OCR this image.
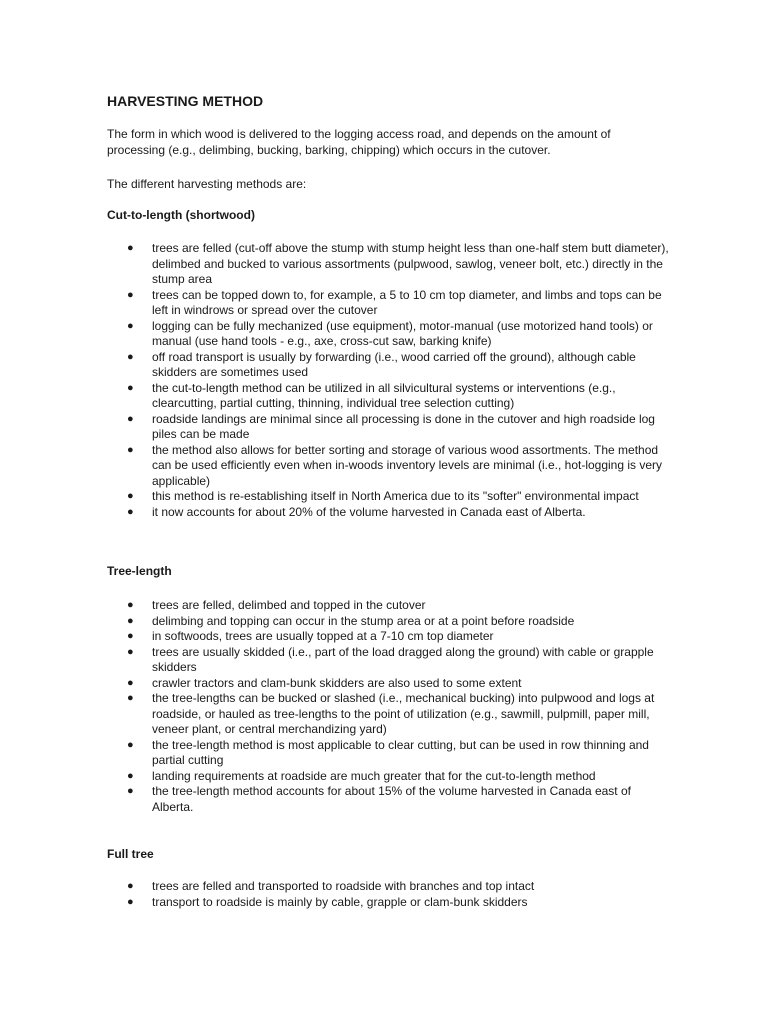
HARVESTING METHOD

The form in which wood is delivered to the logging access road, and depends on the amount of processing (e.g., delimbing, bucking, barking, chipping) which occurs in the cutover.

The different harvesting methods are:

Cut-to-length (shortwood)
● trees are felled (cut-off above the stump with stump height less than one-half stem butt diameter), delimbed and bucked to various assortments (pulpwood, sawlog, veneer bolt, etc.) directly in the stump area
● trees can be topped down to, for example, a 5 to 10 cm top diameter, and limbs and tops can be left in windrows or spread over the cutover
● logging can be fully mechanized (use equipment), motor-manual (use motorized hand tools) or manual (use hand tools - e.g., axe, cross-cut saw, barking knife)
● off road transport is usually by forwarding (i.e., wood carried off the ground), although cable skidders are sometimes used
● the cut-to-length method can be utilized in all silvicultural systems or interventions (e.g., clearcutting, partial cutting, thinning, individual tree selection cutting)
● roadside landings are minimal since all processing is done in the cutover and high roadside log piles can be made
● the method also allows for better sorting and storage of various wood assortments. The method can be used efficiently even when in-woods inventory levels are minimal (i.e., hot-logging is very applicable)
● this method is re-establishing itself in North America due to its "softer" environmental impact
● it now accounts for about 20% of the volume harvested in Canada east of Alberta.
Tree-length
● trees are felled, delimbed and topped in the cutover
● delimbing and topping can occur in the stump area or at a point before roadside
● in softwoods, trees are usually topped at a 7-10 cm top diameter
● trees are usually skidded (i.e., part of the load dragged along the ground) with cable or grapple skidders
● crawler tractors and clam-bunk skidders are also used to some extent
● the tree-lengths can be bucked or slashed (i.e., mechanical bucking) into pulpwood and logs at roadside, or hauled as tree-lengths to the point of utilization (e.g., sawmill, pulpmill, paper mill, veneer plant, or central merchandizing yard)
● the tree-length method is most applicable to clear cutting, but can be used in row thinning and partial cutting
● landing requirements at roadside are much greater that for the cut-to-length method
● the tree-length method accounts for about 15% of the volume harvested in Canada east of Alberta.
Full tree
● trees are felled and transported to roadside with branches and top intact
● transport to roadside is mainly by cable, grapple or clam-bunk skidders
